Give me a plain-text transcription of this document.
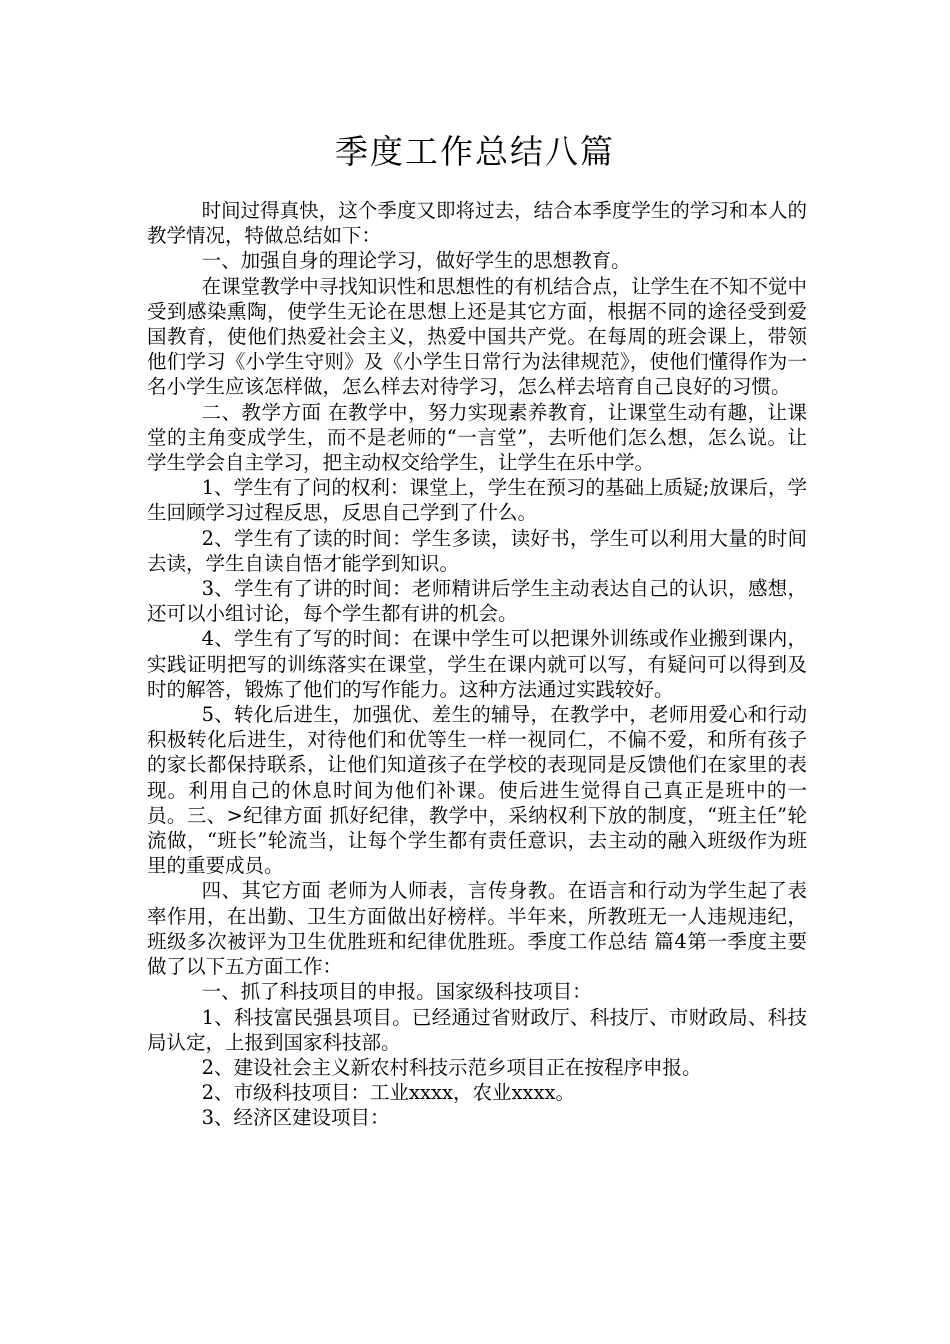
季度工作总结八篇

时间过得真快，这个季度又即将过去，结合本季度学生的学习和本人的教学情况，特做总结如下：

一、加强自身的理论学习，做好学生的思想教育。

在课堂教学中寻找知识性和思想性的有机结合点，让学生在不知不觉中受到感染熏陶，使学生无论在思想上还是其它方面，根据不同的途径受到爱国教育，使他们热爱社会主义，热爱中国共产党。在每周的班会课上，带领他们学习《小学生守则》及《小学生日常行为法律规范》，使他们懂得作为一名小学生应该怎样做，怎么样去对待学习，怎么样去培育自己良好的习惯。

二、教学方面 在教学中，努力实现素养教育，让课堂生动有趣，让课堂的主角变成学生，而不是老师的“一言堂”，去听他们怎么想，怎么说。让学生学会自主学习，把主动权交给学生，让学生在乐中学。

1、学生有了问的权利：课堂上，学生在预习的基础上质疑;放课后，学生回顾学习过程反思，反思自己学到了什么。

2、学生有了读的时间：学生多读，读好书，学生可以利用大量的时间去读，学生自读自悟才能学到知识。

3、学生有了讲的时间：老师精讲后学生主动表达自己的认识，感想，还可以小组讨论，每个学生都有讲的机会。

4、学生有了写的时间：在课中学生可以把课外训练或作业搬到课内，实践证明把写的训练落实在课堂，学生在课内就可以写，有疑问可以得到及时的解答，锻炼了他们的写作能力。这种方法通过实践较好。

5、转化后进生，加强优、差生的辅导，在教学中，老师用爱心和行动积极转化后进生，对待他们和优等生一样一视同仁，不偏不爱，和所有孩子的家长都保持联系，让他们知道孩子在学校的表现同是反馈他们在家里的表现。利用自己的休息时间为他们补课。使后进生觉得自己真正是班中的一员。三、>纪律方面 抓好纪律，教学中，采纳权利下放的制度，“班主任”轮流做，“班长”轮流当，让每个学生都有责任意识，去主动的融入班级作为班里的重要成员。

四、其它方面 老师为人师表，言传身教。在语言和行动为学生起了表率作用，在出勤、卫生方面做出好榜样。半年来，所教班无一人违规违纪，班级多次被评为卫生优胜班和纪律优胜班。季度工作总结 篇4第一季度主要做了以下五方面工作：

一、抓了科技项目的申报。国家级科技项目：

1、科技富民强县项目。已经通过省财政厅、科技厅、市财政局、科技局认定，上报到国家科技部。

2、建设社会主义新农村科技示范乡项目正在按程序申报。

2、市级科技项目：工业xxxx，农业xxxx。

3、经济区建设项目：
